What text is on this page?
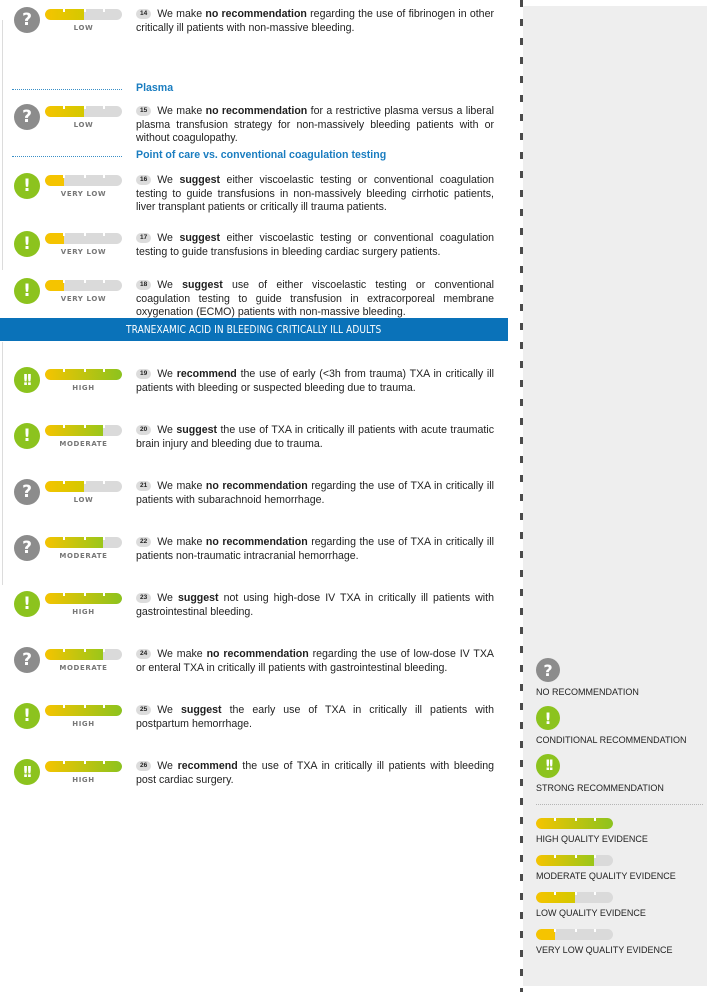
Plasma
Point of care vs. conventional coagulation testing
TRANEXAMIC ACID IN BLEEDING CRITICALLY ILL ADULTS
?	LOW
14 We make no recommendation regarding the use of fibrinogen in other critically ill patients with non-massive bleeding.
?	LOW
15 We make no recommendation for a restrictive plasma versus a liberal plasma transfusion strategy for non-massively bleeding patients with or without coagulopathy.
!	VERY LOW
16 We suggest either viscoelastic testing or conventional coagulation testing to guide transfusions in non-massively bleeding cirrhotic patients, liver transplant patients or critically ill trauma patients.
!	VERY LOW
17 We suggest either viscoelastic testing or conventional coagulation testing to guide transfusions in bleeding cardiac surgery patients.
!	VERY LOW
18 We suggest use of either viscoelastic testing or conventional coagulation testing to guide transfusion in extracorporeal membrane oxygenation (ECMO) patients with non-massive bleeding.
!!	HIGH
19 We recommend the use of early (<3h from trauma) TXA in critically ill patients with bleeding or suspected bleeding due to trauma.
!	MODERATE
20 We suggest the use of TXA in critically ill patients with acute traumatic brain injury and bleeding due to trauma.
?	LOW
21 We make no recommendation regarding the use of TXA in critically ill patients with subarachnoid hemorrhage.
?	MODERATE
22 We make no recommendation regarding the use of TXA in critically ill patients non-traumatic intracranial hemorrhage.
!	HIGH
23 We suggest not using high-dose IV TXA in critically ill patients with gastrointestinal bleeding.
?	MODERATE
24 We make no recommendation regarding the use of low-dose IV TXA or enteral TXA in critically ill patients with gastrointestinal bleeding.
!	HIGH
25 We suggest the early use of TXA in critically ill patients with postpartum hemorrhage.
!!	HIGH
26 We recommend the use of TXA in critically ill patients with bleeding post cardiac surgery.
?
NO RECOMMENDATION
!
CONDITIONAL RECOMMENDATION
!!
STRONG RECOMMENDATION
HIGH QUALITY EVIDENCE
MODERATE QUALITY EVIDENCE
LOW QUALITY EVIDENCE
VERY LOW QUALITY EVIDENCE
